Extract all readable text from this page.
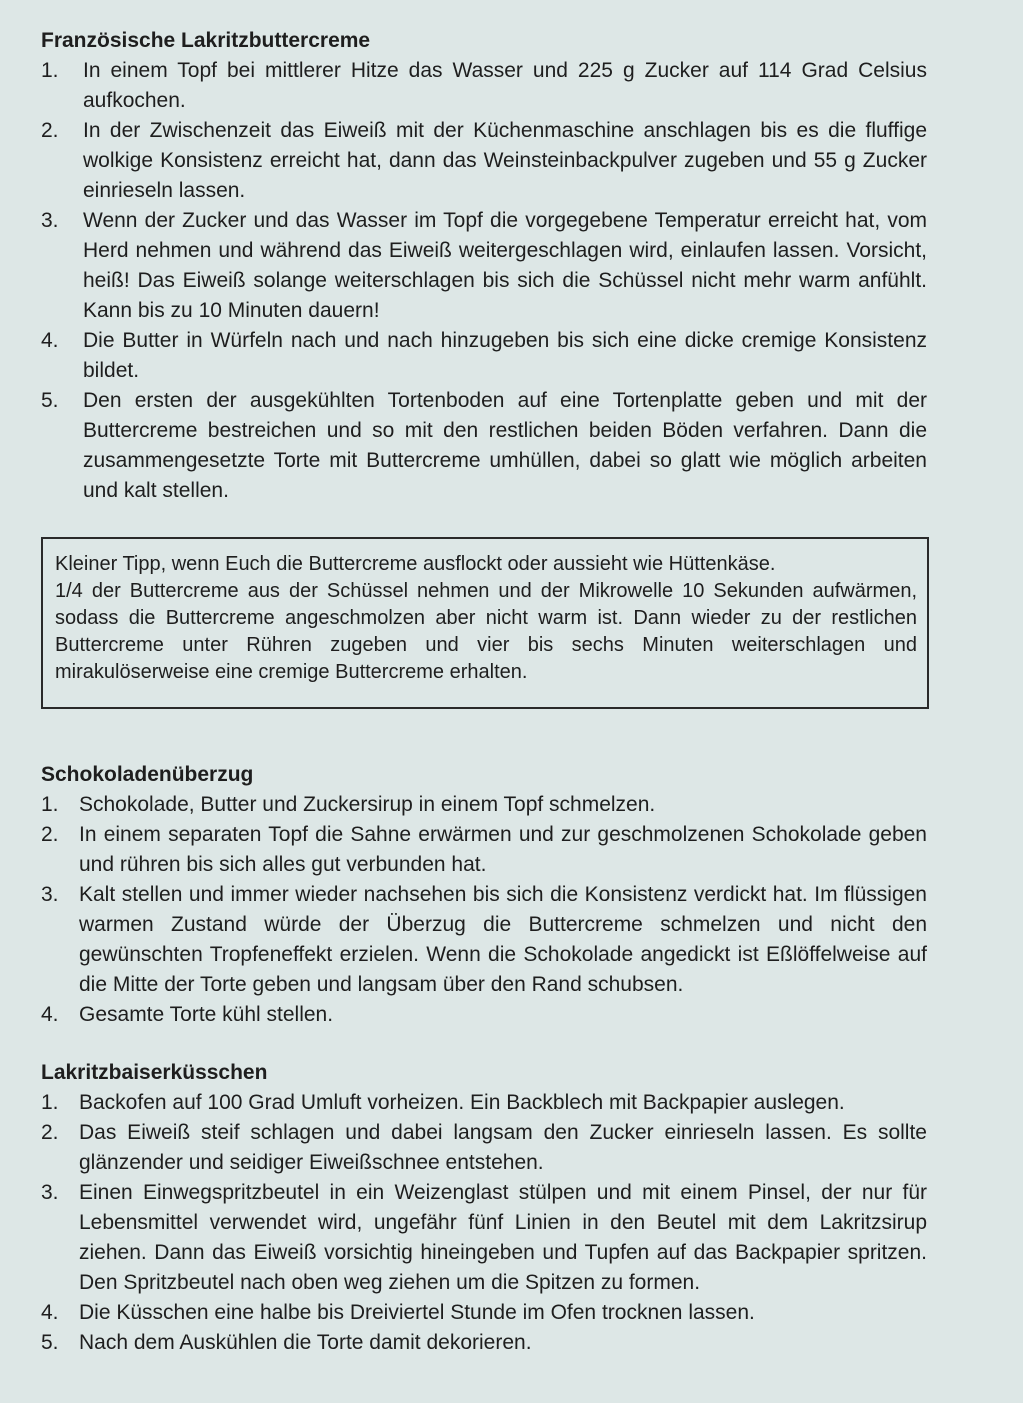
Französische Lakritzbuttercreme
1. In einem Topf bei mittlerer Hitze das Wasser und 225 g Zucker auf 114 Grad Celsius aufkochen.
2. In der Zwischenzeit das Eiweiß mit der Küchenmaschine anschlagen bis es die fluffige wolkige Konsistenz erreicht hat, dann das Weinsteinbackpulver zugeben und 55 g Zucker einrieseln lassen.
3. Wenn der Zucker und das Wasser im Topf die vorgegebene Temperatur erreicht hat, vom Herd nehmen und während das Eiweiß weitergeschlagen wird, einlaufen lassen. Vorsicht, heiß! Das Eiweiß solange weiterschlagen bis sich die Schüssel nicht mehr warm anfühlt. Kann bis zu 10 Minuten dauern!
4. Die Butter in Würfeln nach und nach hinzugeben bis sich eine dicke cremige Konsistenz bildet.
5. Den ersten der ausgekühlten Tortenboden auf eine Tortenplatte geben und mit der Buttercreme bestreichen und so mit den restlichen beiden Böden verfahren. Dann die zusammengesetzte Torte mit Buttercreme umhüllen, dabei so glatt wie möglich arbeiten und kalt stellen.

Kleiner Tipp, wenn Euch die Buttercreme ausflockt oder aussieht wie Hüttenkäse.

1/4 der Buttercreme aus der Schüssel nehmen und der Mikrowelle 10 Sekunden aufwärmen, sodass die Buttercreme angeschmolzen aber nicht warm ist. Dann wieder zu der restlichen Buttercreme unter Rühren zugeben und vier bis sechs Minuten weiterschlagen und mirakulöserweise eine cremige Buttercreme erhalten.

Schokoladenüberzug
1. Schokolade, Butter und Zuckersirup in einem Topf schmelzen.
2. In einem separaten Topf die Sahne erwärmen und zur geschmolzenen Schokolade geben und rühren bis sich alles gut verbunden hat.
3. Kalt stellen und immer wieder nachsehen bis sich die Konsistenz verdickt hat. Im flüssigen warmen Zustand würde der Überzug die Buttercreme schmelzen und nicht den gewünschten Tropfeneffekt erzielen. Wenn die Schokolade angedickt ist Eßlöffelweise auf die Mitte der Torte geben und langsam über den Rand schubsen.
4. Gesamte Torte kühl stellen.
Lakritzbaiserküsschen
1. Backofen auf 100 Grad Umluft vorheizen. Ein Backblech mit Backpapier auslegen.
2. Das Eiweiß steif schlagen und dabei langsam den Zucker einrieseln lassen. Es sollte glänzender und seidiger Eiweißschnee entstehen.
3. Einen Einwegspritzbeutel in ein Weizenglast stülpen und mit einem Pinsel, der nur für Lebensmittel verwendet wird, ungefähr fünf Linien in den Beutel mit dem Lakritzsirup ziehen. Dann das Eiweiß vorsichtig hineingeben und Tupfen auf das Backpapier spritzen. Den Spritzbeutel nach oben weg ziehen um die Spitzen zu formen.
4. Die Küsschen eine halbe bis Dreiviertel Stunde im Ofen trocknen lassen.
5. Nach dem Auskühlen die Torte damit dekorieren.
